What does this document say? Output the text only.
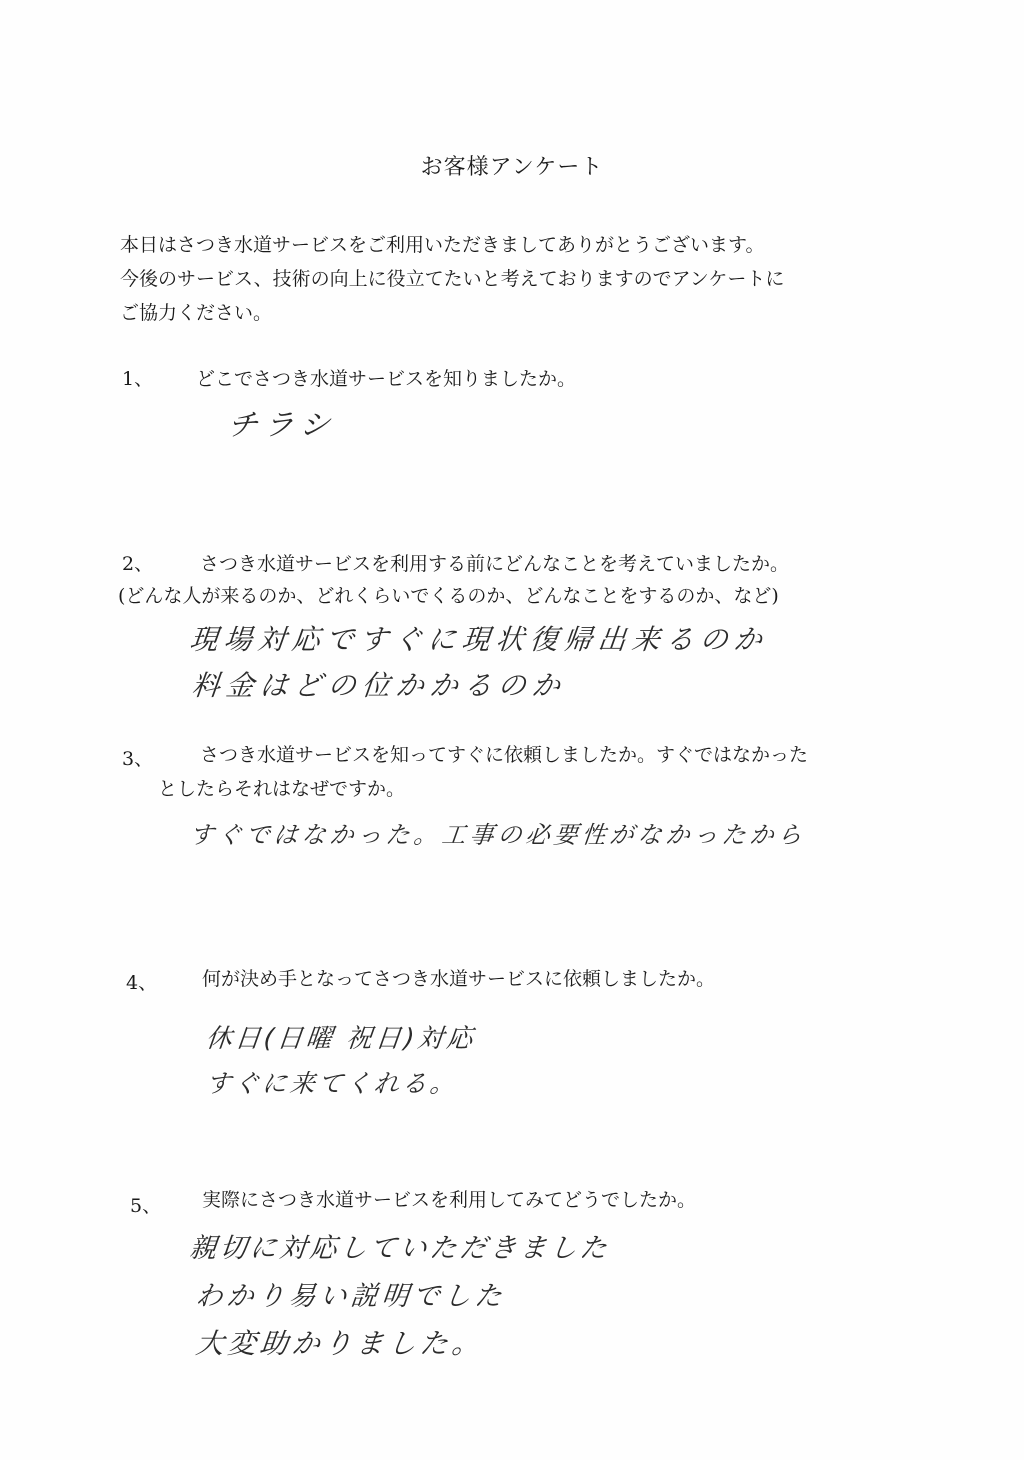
お客様アンケート
本日はさつき水道サービスをご利用いただきましてありがとうございます。
今後のサービス、技術の向上に役立てたいと考えておりますのでアンケートに
ご協力ください。
1、 どこでさつき水道サービスを知りましたか。
チラシ
2、 さつき水道サービスを利用する前にどんなことを考えていましたか。
(どんな人が来るのか、どれくらいでくるのか、どんなことをするのか、など)
現場対応ですぐに現状復帰出来るのか
料金はどの位かかるのか
3、 さつき水道サービスを知ってすぐに依頼しましたか。すぐではなかった
としたらそれはなぜですか。
すぐではなかった。工事の必要性がなかったから
4、 何が決め手となってさつき水道サービスに依頼しましたか。
休日(日曜 祝日)対応
すぐに来てくれる。
5、 実際にさつき水道サービスを利用してみてどうでしたか。
親切に対応していただきました
わかり易い説明でした
大変助かりました。
